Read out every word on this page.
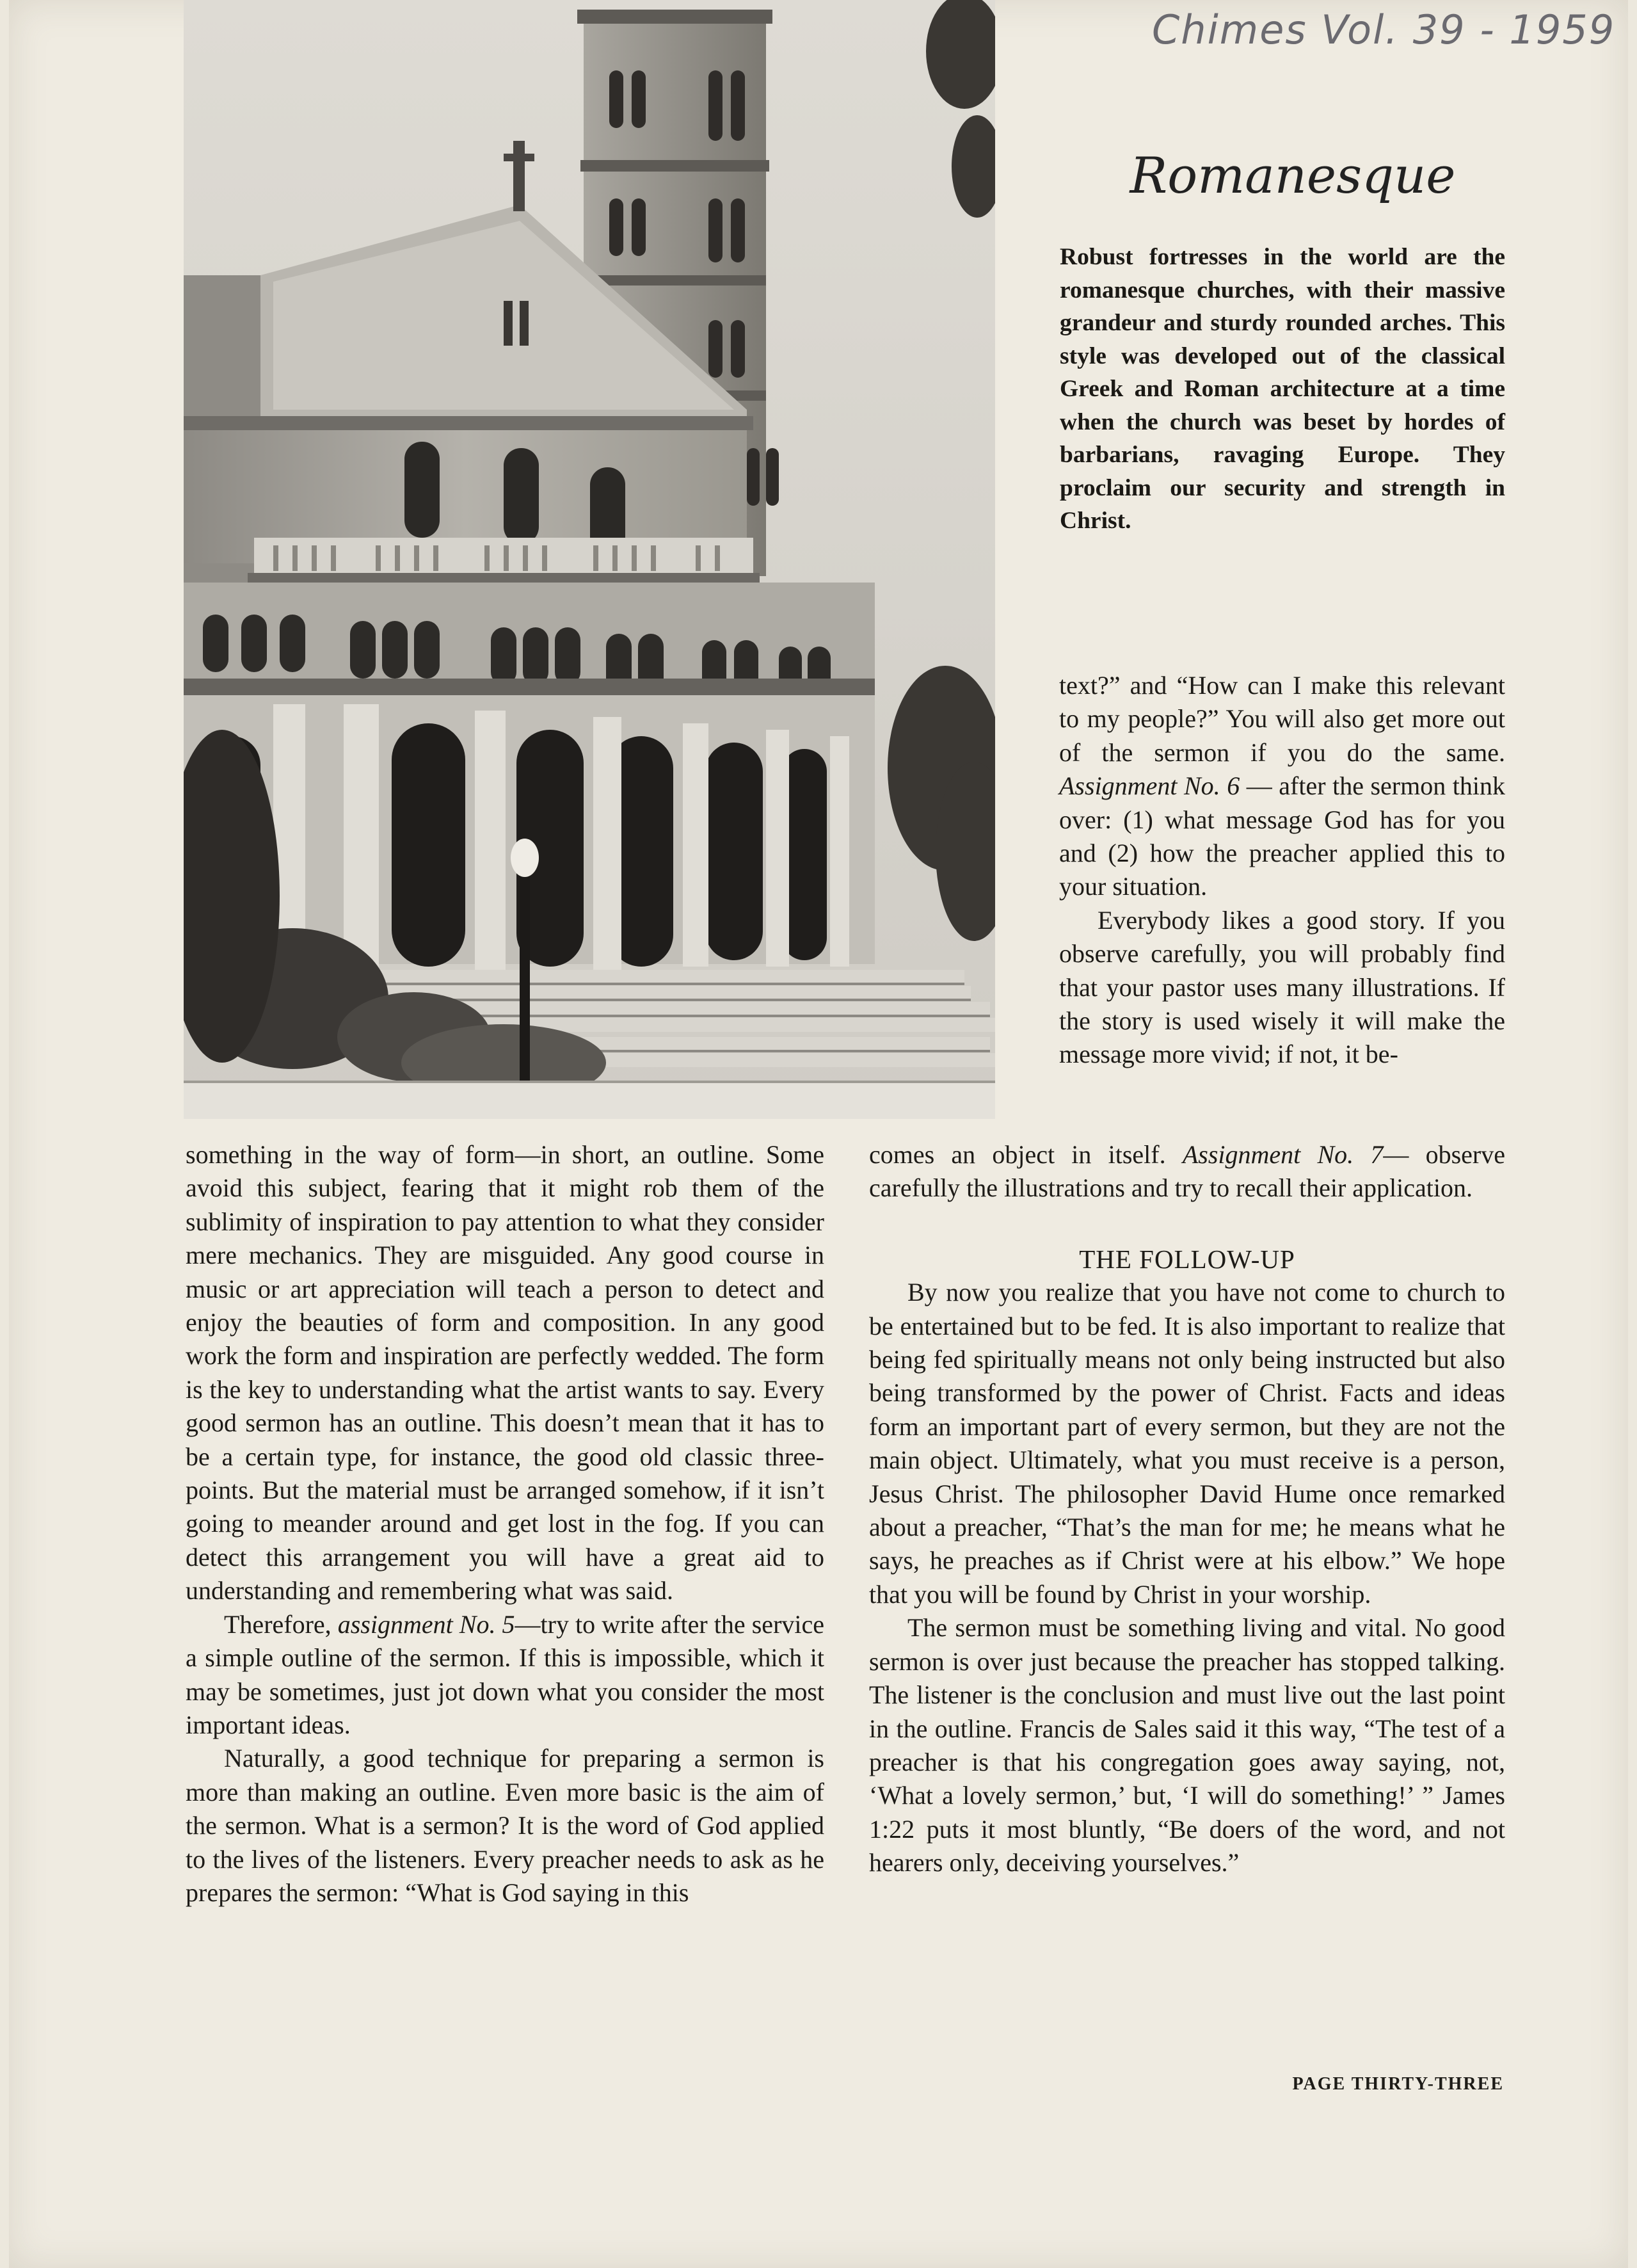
Chimes Vol. 39 - 1959
Romanesque
Robust fortresses in the world are the romanesque churches, with their massive grandeur and sturdy rounded arches. This style was developed out of the classical Greek and Roman architecture at a time when the church was beset by hordes of barbarians, ravaging Europe. They proclaim our security and strength in Christ.

text?” and “How can I make this relevant to my people?” You will also get more out of the sermon if you do the same. Assignment No. 6 — after the sermon think over: (1) what message God has for you and (2) how the preacher applied this to your situation.

Everybody likes a good story. If you observe carefully, you will probably find that your pastor uses many illustrations. If the story is used wisely it will make the message more vivid; if not, it be-

something in the way of form—in short, an outline. Some avoid this subject, fearing that it might rob them of the sublimity of inspiration to pay attention to what they consider mere mechanics. They are misguided. Any good course in music or art appreciation will teach a person to detect and enjoy the beauties of form and composition. In any good work the form and inspiration are perfectly wedded. The form is the key to understanding what the artist wants to say. Every good sermon has an outline. This doesn’t mean that it has to be a certain type, for instance, the good old classic three-points. But the material must be arranged somehow, if it isn’t going to meander around and get lost in the fog. If you can detect this arrangement you will have a great aid to understanding and remembering what was said.

Therefore, assignment No. 5—try to write after the service a simple outline of the sermon. If this is impossible, which it may be sometimes, just jot down what you consider the most important ideas.

Naturally, a good technique for preparing a sermon is more than making an outline. Even more basic is the aim of the sermon. What is a sermon? It is the word of God applied to the lives of the listeners. Every preacher needs to ask as he prepares the sermon: “What is God saying in this

comes an object in itself. Assignment No. 7— observe carefully the illustrations and try to recall their application.

THE FOLLOW-UP

By now you realize that you have not come to church to be entertained but to be fed. It is also important to realize that being fed spiritually means not only being instructed but also being transformed by the power of Christ. Facts and ideas form an important part of every sermon, but they are not the main object. Ultimately, what you must receive is a person, Jesus Christ. The philosopher David Hume once remarked about a preacher, “That’s the man for me; he means what he says, he preaches as if Christ were at his elbow.” We hope that you will be found by Christ in your worship.

The sermon must be something living and vital. No good sermon is over just because the preacher has stopped talking. The listener is the conclusion and must live out the last point in the outline. Francis de Sales said it this way, “The test of a preacher is that his congregation goes away saying, not, ‘What a lovely sermon,’ but, ‘I will do something!’ ” James 1:22 puts it most bluntly, “Be doers of the word, and not hearers only, deceiving yourselves.”

PAGE THIRTY-THREE
